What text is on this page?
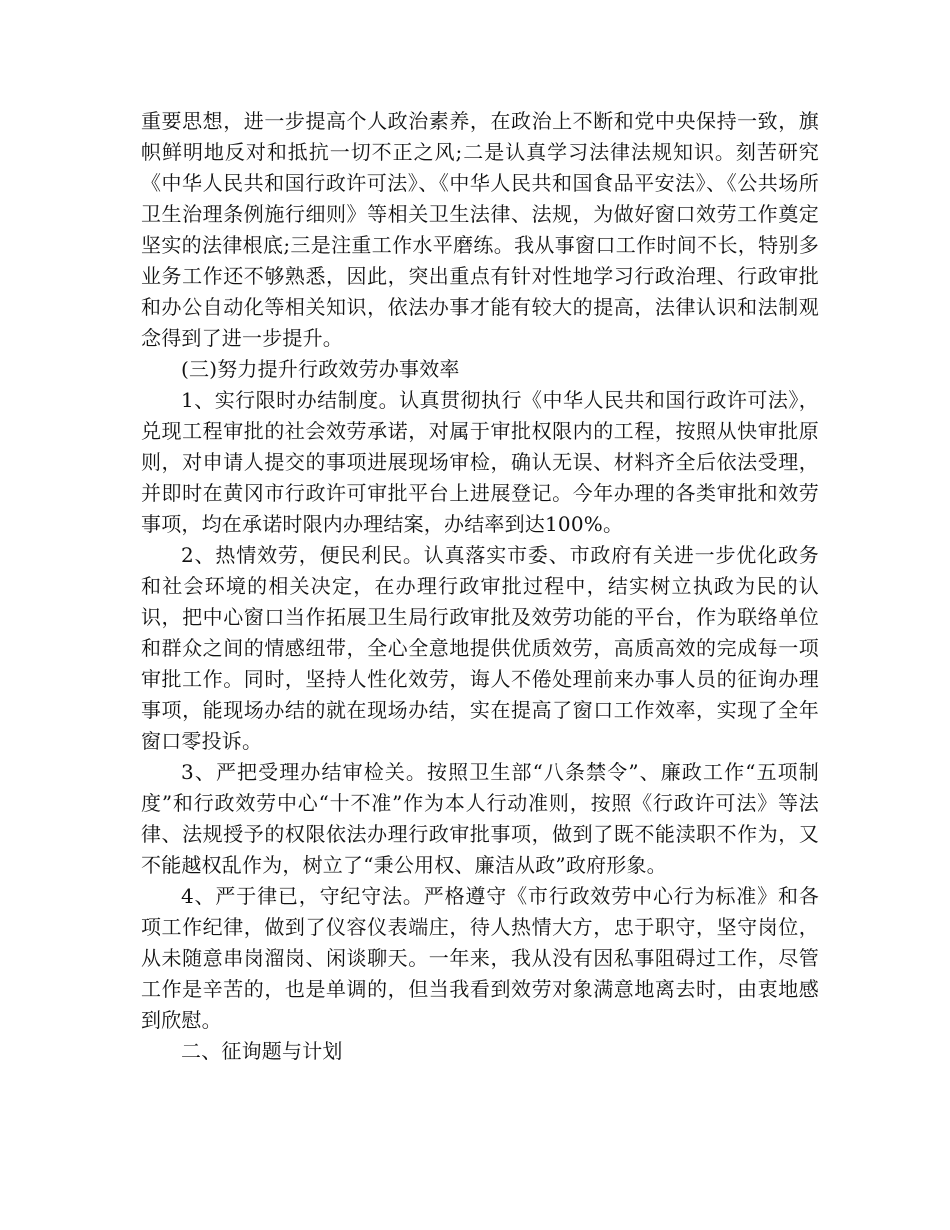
重要思想，进一步提高个人政治素养，在政治上不断和党中央保持一致，旗帜鲜明地反对和抵抗一切不正之风;二是认真学习法律法规知识。刻苦研究《中华人民共和国行政许可法》、《中华人民共和国食品平安法》、《公共场所卫生治理条例施行细则》等相关卫生法律、法规，为做好窗口效劳工作奠定坚实的法律根底;三是注重工作水平磨练。我从事窗口工作时间不长，特别多业务工作还不够熟悉，因此，突出重点有针对性地学习行政治理、行政审批和办公自动化等相关知识，依法办事才能有较大的提高，法律认识和法制观念得到了进一步提升。

(三)努力提升行政效劳办事效率

1、实行限时办结制度。认真贯彻执行《中华人民共和国行政许可法》，兑现工程审批的社会效劳承诺，对属于审批权限内的工程，按照从快审批原则，对申请人提交的事项进展现场审检，确认无误、材料齐全后依法受理，并即时在黄冈市行政许可审批平台上进展登记。今年办理的各类审批和效劳事项，均在承诺时限内办理结案，办结率到达100%。

2、热情效劳，便民利民。认真落实市委、市政府有关进一步优化政务和社会环境的相关决定，在办理行政审批过程中，结实树立执政为民的认识，把中心窗口当作拓展卫生局行政审批及效劳功能的平台，作为联络单位和群众之间的情感纽带，全心全意地提供优质效劳，高质高效的完成每一项审批工作。同时，坚持人性化效劳，诲人不倦处理前来办事人员的征询办理事项，能现场办结的就在现场办结，实在提高了窗口工作效率，实现了全年窗口零投诉。

3、严把受理办结审检关。按照卫生部“八条禁令”、廉政工作“五项制度”和行政效劳中心“十不准”作为本人行动准则，按照《行政许可法》等法律、法规授予的权限依法办理行政审批事项，做到了既不能渎职不作为，又不能越权乱作为，树立了“秉公用权、廉洁从政”政府形象。

4、严于律已，守纪守法。严格遵守《市行政效劳中心行为标准》和各项工作纪律，做到了仪容仪表端庄，待人热情大方，忠于职守，坚守岗位，从未随意串岗溜岗、闲谈聊天。一年来，我从没有因私事阻碍过工作，尽管工作是辛苦的，也是单调的，但当我看到效劳对象满意地离去时，由衷地感到欣慰。

二、征询题与计划
